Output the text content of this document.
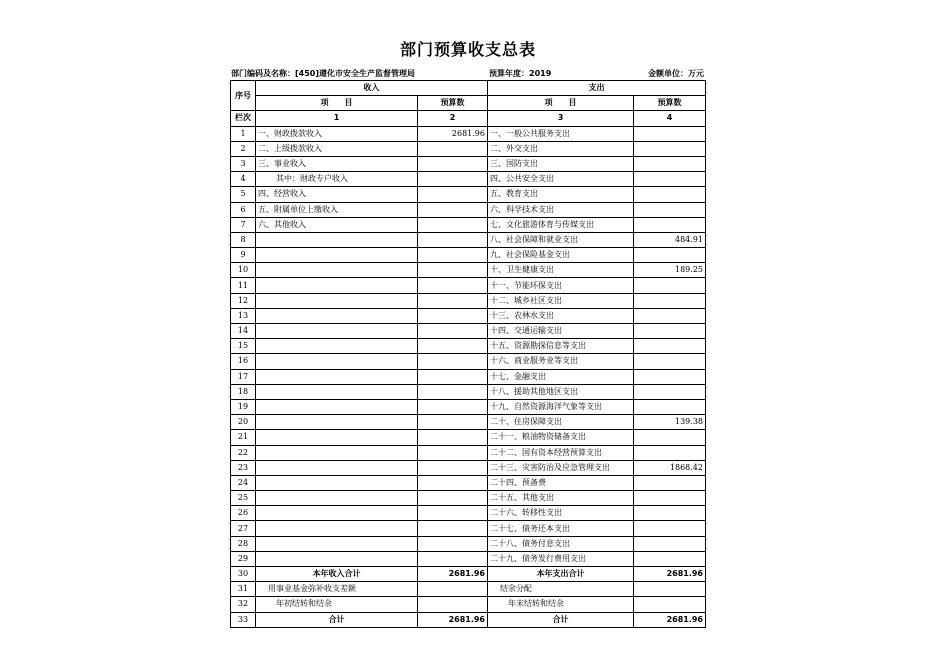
部门预算收支总表
部门编码及名称：[450]遵化市安全生产监督管理局	预算年度：2019	金额单位：万元
序号	收入		支出	
	项　　目	预算数	项　　目	预算数
栏次	1	2	3	4
1	一、财政拨款收入	2681.96	一、一般公共服务支出	
2	二、上级拨款收入		二、外交支出	
3	三、事业收入		三、国防支出	
4	其中：财政专户收入		四、公共安全支出	
5	四、经营收入		五、教育支出	
6	五、附属单位上缴收入		六、科学技术支出	
7	六、其他收入		七、文化旅游体育与传媒支出	
8			八、社会保障和就业支出	484.91
9			九、社会保险基金支出	
10			十、卫生健康支出	189.25
11			十一、节能环保支出	
12			十二、城乡社区支出	
13			十三、农林水支出	
14			十四、交通运输支出	
15			十五、资源勘探信息等支出	
16			十六、商业服务业等支出	
17			十七、金融支出	
18			十八、援助其他地区支出	
19			十九、自然资源海洋气象等支出	
20			二十、住房保障支出	139.38
21			二十一、粮油物资储备支出	
22			二十二、国有资本经营预算支出	
23			二十三、灾害防治及应急管理支出	1868.42
24			二十四、预备费	
25			二十五、其他支出	
26			二十六、转移性支出	
27			二十七、债务还本支出	
28			二十八、债务付息支出	
29			二十九、债务发行费用支出	
30	本年收入合计	2681.96	本年支出合计	2681.96
31	用事业基金弥补收支差额		结余分配	
32	年初结转和结余		年末结转和结余	
33	合计	2681.96	合计	2681.96
